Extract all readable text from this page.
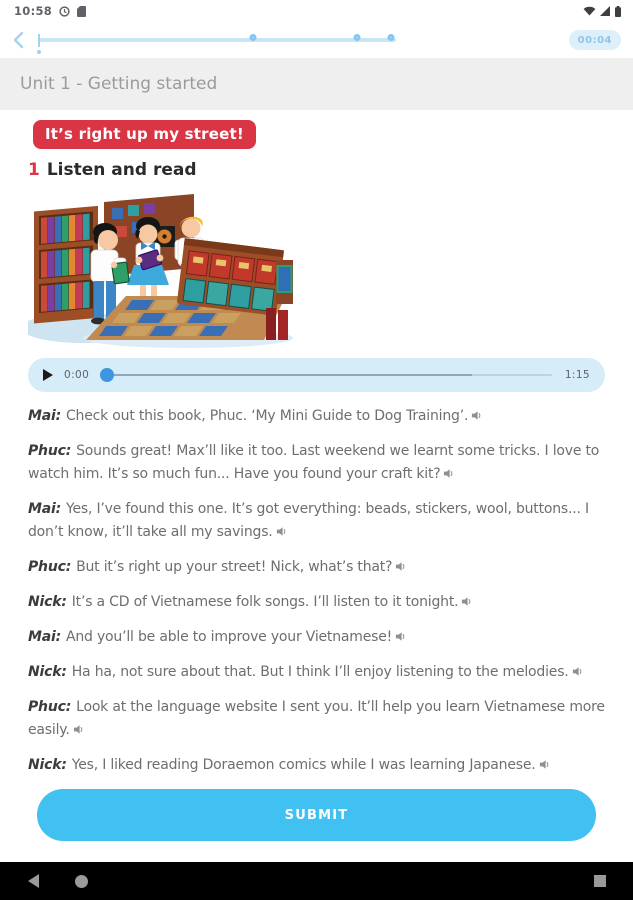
10:58
00:04
Unit 1 - Getting started
It’s right up my street!
1 Listen and read
0:00	1:15

Mai: Check out this book, Phuc. ‘My Mini Guide to Dog Training’.

Phuc: Sounds great! Max’ll like it too. Last weekend we learnt some tricks. I love to watch him. It’s so much fun... Have you found your craft kit?

Mai: Yes, I’ve found this one. It’s got everything: beads, stickers, wool, buttons... I don’t know, it’ll take all my savings.

Phuc: But it’s right up your street! Nick, what’s that?

Nick: It’s a CD of Vietnamese folk songs. I’ll listen to it tonight.

Mai: And you’ll be able to improve your Vietnamese!

Nick: Ha ha, not sure about that. But I think I’ll enjoy listening to the melodies.

Phuc: Look at the language website I sent you. It’ll help you learn Vietnamese more easily.

Nick: Yes, I liked reading Doraemon comics while I was learning Japanese.

SUBMIT
